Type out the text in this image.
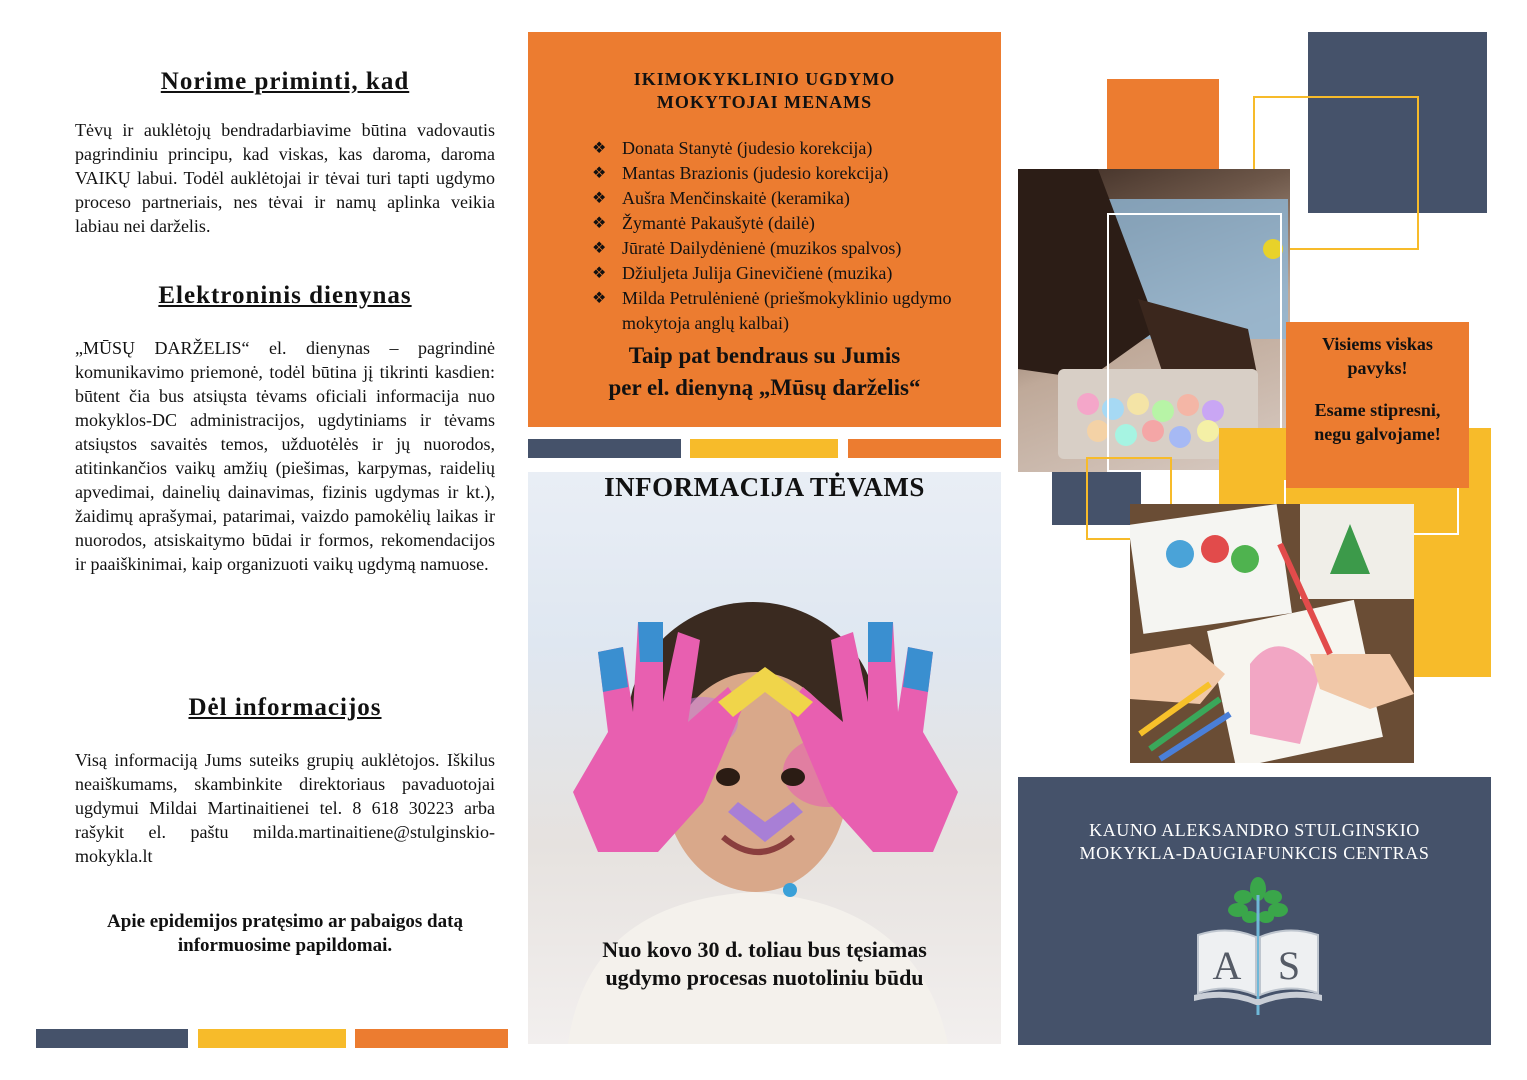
Norime priminti, kad
Tėvų ir auklėtojų bendradarbiavime būtina vadovautis pagrindiniu principu, kad viskas, kas daroma, daroma VAIKŲ labui. Todėl auklėtojai ir tėvai turi tapti ugdymo proceso partneriais, nes tėvai ir namų aplinka veikia labiau nei darželis.
Elektroninis dienynas
„MŪSŲ DARŽELIS“ el. dienynas – pagrindinė komunikavimo priemonė, todėl būtina jį tikrinti kasdien: būtent čia bus atsiųsta tėvams oficiali informacija nuo mokyklos-DC administracijos, ugdytiniams ir tėvams atsiųstos savaitės temos, užduotėlės ir jų nuorodos, atitinkančios vaikų amžių (piešimas, karpymas, raidelių apvedimai, dainelių dainavimas, fizinis ugdymas ir kt.), žaidimų aprašymai, patarimai, vaizdo pamokėlių laikas ir nuorodos, atsiskaitymo būdai ir formos, rekomendacijos ir paaiškinimai, kaip organizuoti vaikų ugdymą namuose.
Dėl informacijos
Visą informaciją Jums suteiks grupių auklėtojos. Iškilus neaiškumams, skambinkite direktoriaus pavaduotojai ugdymui Mildai Martinaitienei tel. 8 618 30223 arba rašykit el. paštu milda.martinaitiene@stulginskio-mokykla.lt
Apie epidemijos pratęsimo ar pabaigos datą informuosime papildomai.
IKIMOKYKLINIO UGDYMO
MOKYTOJAI MENAMS
❖ Donata Stanytė (judesio korekcija)
❖ Mantas Brazionis (judesio korekcija)
❖ Aušra Menčinskaitė (keramika)
❖ Žymantė Pakaušytė (dailė)
❖ Jūratė Dailydėnienė (muzikos spalvos)
❖ Džiuljeta Julija Ginevičienė (muzika)
❖ Milda Petrulėnienė (priešmokyklinio ugdymo mokytoja anglų kalbai)
Taip pat bendraus su Jumis
per el. dienyną „Mūsų darželis“
INFORMACIJA TĖVAMS
Nuo kovo 30 d. toliau bus tęsiamas
ugdymo procesas nuotoliniu būdu
Visiems viskas
pavyks!
Esame stipresni,
negu galvojame!
KAUNO ALEKSANDRO STULGINSKIO
MOKYKLA-DAUGIAFUNKCIS CENTRAS
A S
